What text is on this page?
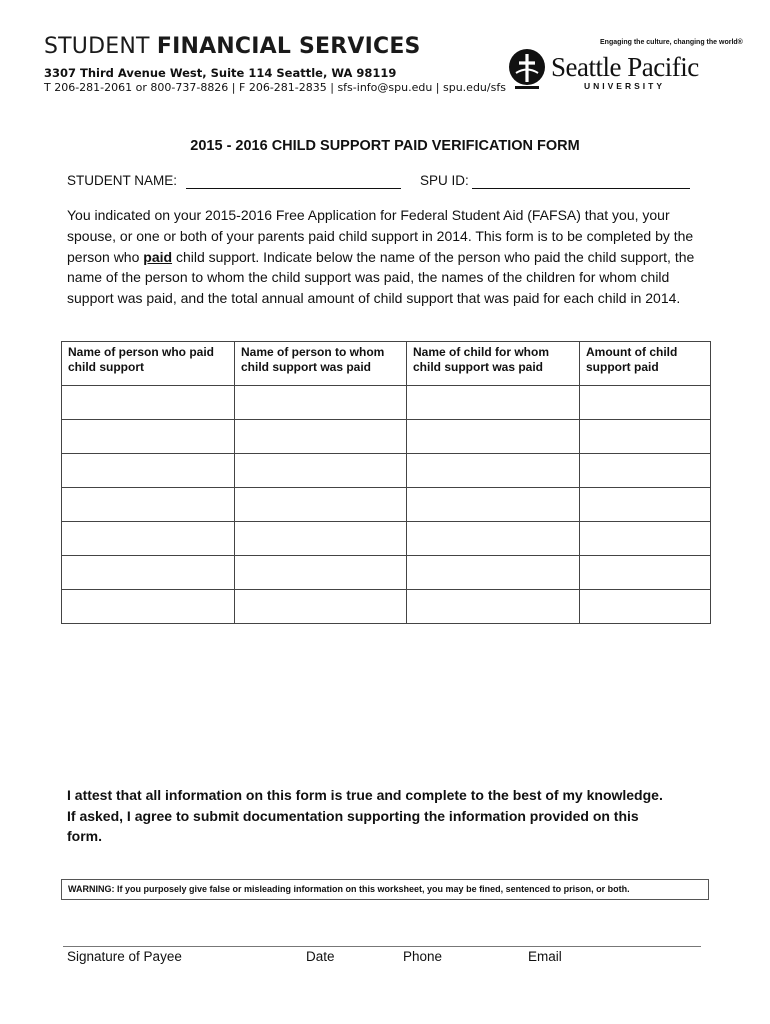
STUDENT FINANCIAL SERVICES
3307 Third Avenue West, Suite 114 Seattle, WA 98119
T 206-281-2061 or 800-737-8826 | F 206-281-2835 | sfs-info@spu.edu | spu.edu/sfs
Engaging the culture, changing the world®
Seattle Pacific
UNIVERSITY
2015 - 2016 CHILD SUPPORT PAID VERIFICATION FORM
STUDENT NAME:	SPU ID:
You indicated on your 2015-2016 Free Application for Federal Student Aid (FAFSA) that you, your spouse, or one or both of your parents paid child support in 2014. This form is to be completed by the person who paid child support. Indicate below the name of the person who paid the child support, the name of the person to whom the child support was paid, the names of the children for whom child support was paid, and the total annual amount of child support that was paid for each child in 2014.
Name of person who paid child support	Name of person to whom child support was paid	Name of child for whom child support was paid	Amount of child support paid

I attest that all information on this form is true and complete to the best of my knowledge. If asked, I agree to submit documentation supporting the information provided on this form.
WARNING: If you purposely give false or misleading information on this worksheet, you may be fined, sentenced to prison, or both.
Signature of Payee	Date	Phone	Email
